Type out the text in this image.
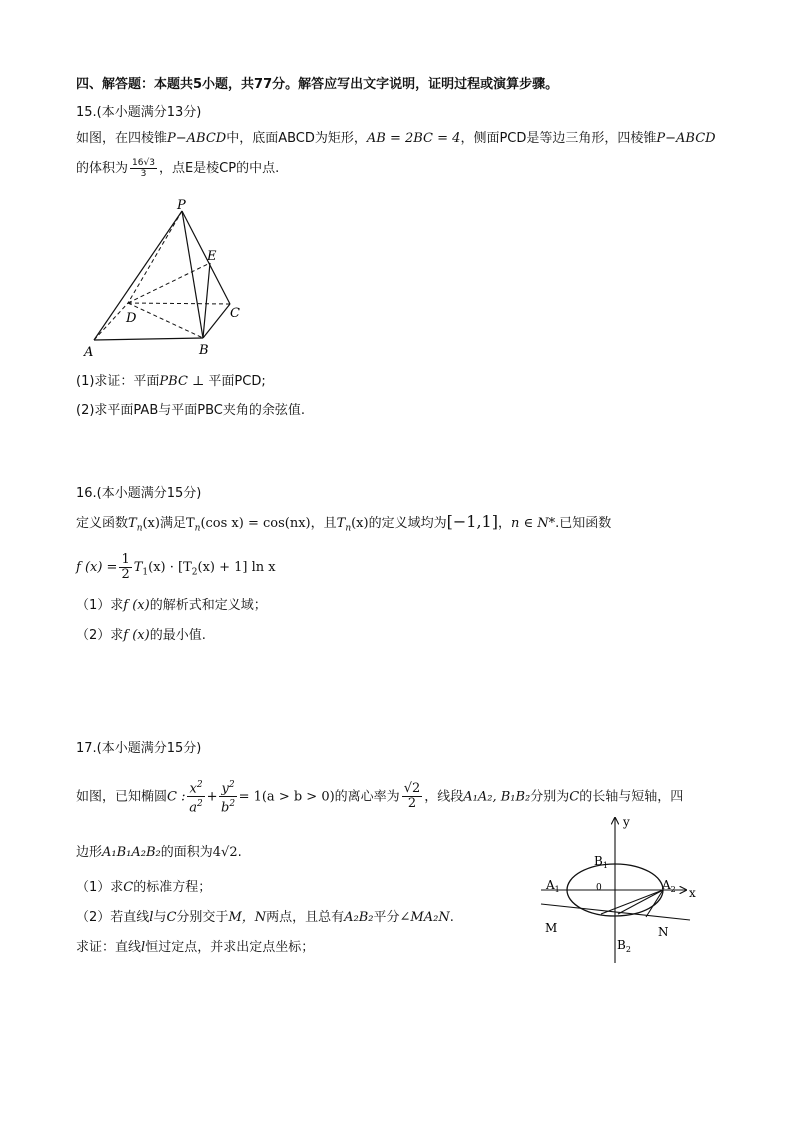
四、解答题：本题共5小题，共77分。解答应写出文字说明，证明过程或演算步骤。
15.(本小题满分13分)
如图，在四棱锥P−ABCD中，底面ABCD为矩形，AB = 2BC = 4，侧面PCD是等边三角形，四棱锥P−ABCD
的体积为 $\frac{16√3}{3}$ ，点E是棱CP的中点.
P
E
D	C
A	B
(1)求证：平面PBC ⊥ 平面PCD;
(2)求平面PAB与平面PBC夹角的余弦值.
16.(本小题满分15分)
定义函数$T_n(x)$满足$T_n(\cos$ x) = cos(nx)，且$T_n(x)$的定义域均为[−1,1]，n ∈ N*.已知函数
f $(x) = \frac{1}{2} T_1(x) \cdot [T_2(x) + 1]$ ln x
（1）求f (x)的解析式和定义域；
（2）求f (x)的最小值.
17.(本小题满分15分)
如图，已知椭圆C : $\frac{x^2}{a^2} + \frac{y^2}{b^2} = 1(a > b > 0)$的离心率为 $\frac{√2}{2}$ ，线段A₁A₂, B₁B₂分别为C的长轴与短轴，四
边形A₁B₁A₂B₂的面积为4√2.
（1）求C的标准方程；
（2）若直线l与C分别交于M，N两点，且总有A₂B₂平分∠MA₂N.
求证：直线l恒过定点，并求出定点坐标；
y
x
$B_1$
$A_1$	0	$A_2$
M	N
$B_2$
